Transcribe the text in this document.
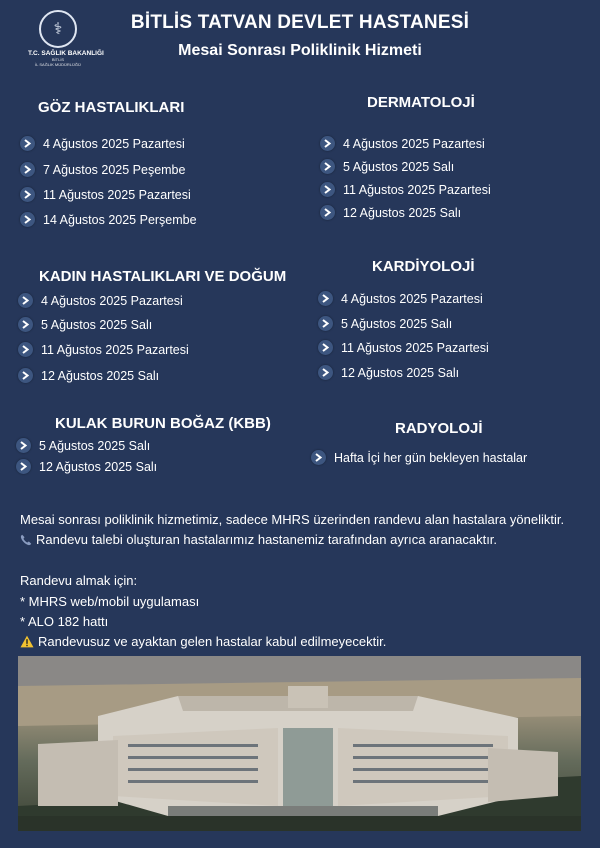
⚕
T.C. SAĞLIK BAKANLIĞI
BİTLİS
İL SAĞLIK MÜDÜRLÜĞÜ
BİTLİS TATVAN DEVLET HASTANESİ
Mesai Sonrası Poliklinik Hizmeti
GÖZ HASTALIKLARI	DERMATOLOJİ
KADIN HASTALIKLARI VE DOĞUM
KARDİYOLOJİ
KULAK BURUN BOĞAZ (KBB)	RADYOLOJİ
4 Ağustos 2025 Pazartesi
7 Ağustos 2025 Peşembe
11 Ağustos 2025 Pazartesi
14 Ağustos 2025 Perşembe
4 Ağustos 2025 Pazartesi
5 Ağustos 2025 Salı
11 Ağustos 2025 Pazartesi
12 Ağustos 2025 Salı
4 Ağustos 2025 Pazartesi
5 Ağustos 2025 Salı
11 Ağustos 2025 Pazartesi
12 Ağustos 2025 Salı
4 Ağustos 2025 Pazartesi
5 Ağustos 2025 Salı
11 Ağustos 2025 Pazartesi
12 Ağustos 2025 Salı
5 Ağustos 2025 Salı
12 Ağustos 2025 Salı
Hafta İçi her gün bekleyen hastalar
Mesai sonrası poliklinik hizmetimiz, sadece MHRS üzerinden randevu alan hastalara yöneliktir.
Randevu talebi oluşturan hastalarımız hastanemiz tarafından ayrıca aranacaktır.
Randevu almak için:
* MHRS web/mobil uygulaması
* ALO 182 hattı
Randevusuz ve ayaktan gelen hastalar kabul edilmeyecektir.
